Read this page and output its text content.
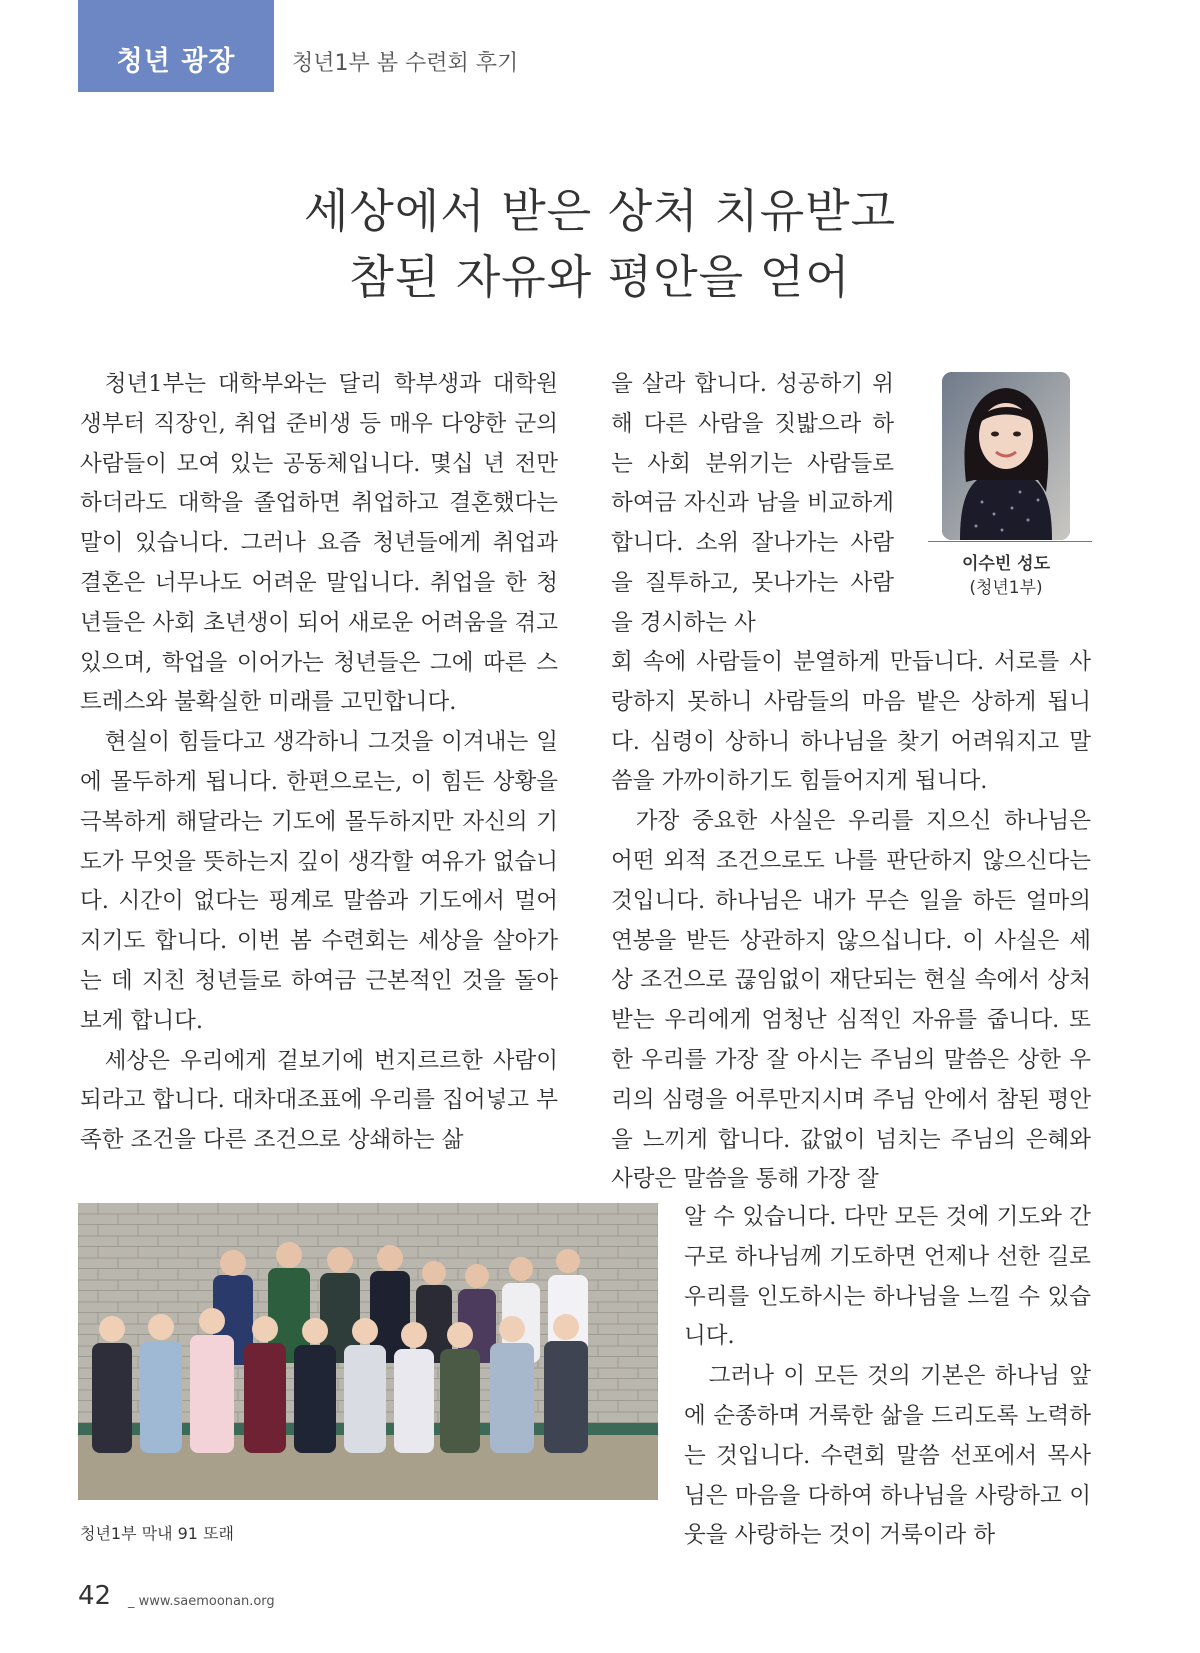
청년 광장	청년1부 봄 수련회 후기
세상에서 받은 상처 치유받고
참된 자유와 평안을 얻어

청년1부는 대학부와는 달리 학부생과 대학원생부터 직장인, 취업 준비생 등 매우 다양한 군의 사람들이 모여 있는 공동체입니다. 몇십 년 전만 하더라도 대학을 졸업하면 취업하고 결혼했다는 말이 있습니다. 그러나 요즘 청년들에게 취업과 결혼은 너무나도 어려운 말입니다. 취업을 한 청년들은 사회 초년생이 되어 새로운 어려움을 겪고 있으며, 학업을 이어가는 청년들은 그에 따른 스트레스와 불확실한 미래를 고민합니다.

현실이 힘들다고 생각하니 그것을 이겨내는 일에 몰두하게 됩니다. 한편으로는, 이 힘든 상황을 극복하게 해달라는 기도에 몰두하지만 자신의 기도가 무엇을 뜻하는지 깊이 생각할 여유가 없습니다. 시간이 없다는 핑계로 말씀과 기도에서 멀어지기도 합니다. 이번 봄 수련회는 세상을 살아가는 데 지친 청년들로 하여금 근본적인 것을 돌아보게 합니다.

세상은 우리에게 겉보기에 번지르르한 사람이 되라고 합니다. 대차대조표에 우리를 집어넣고 부족한 조건을 다른 조건으로 상쇄하는 삶

을 살라 합니다. 성공하기 위해 다른 사람을 짓밟으라 하는 사회 분위기는 사람들로 하여금 자신과 남을 비교하게 합니다. 소위 잘나가는 사람을 질투하고, 못나가는 사람을 경시하는 사

이수빈 성도
(청년1부)

회 속에 사람들이 분열하게 만듭니다. 서로를 사랑하지 못하니 사람들의 마음 밭은 상하게 됩니다. 심령이 상하니 하나님을 찾기 어려워지고 말씀을 가까이하기도 힘들어지게 됩니다.

가장 중요한 사실은 우리를 지으신 하나님은 어떤 외적 조건으로도 나를 판단하지 않으신다는 것입니다. 하나님은 내가 무슨 일을 하든 얼마의 연봉을 받든 상관하지 않으십니다. 이 사실은 세상 조건으로 끊임없이 재단되는 현실 속에서 상처받는 우리에게 엄청난 심적인 자유를 줍니다. 또한 우리를 가장 잘 아시는 주님의 말씀은 상한 우리의 심령을 어루만지시며 주님 안에서 참된 평안을 느끼게 합니다. 값없이 넘치는 주님의 은혜와 사랑은 말씀을 통해 가장 잘

청년1부 막내 91 또래

알 수 있습니다. 다만 모든 것에 기도와 간구로 하나님께 기도하면 언제나 선한 길로 우리를 인도하시는 하나님을 느낄 수 있습니다.

그러나 이 모든 것의 기본은 하나님 앞에 순종하며 거룩한 삶을 드리도록 노력하는 것입니다. 수련회 말씀 선포에서 목사님은 마음을 다하여 하나님을 사랑하고 이웃을 사랑하는 것이 거룩이라 하

42 _ www.saemoonan.org
